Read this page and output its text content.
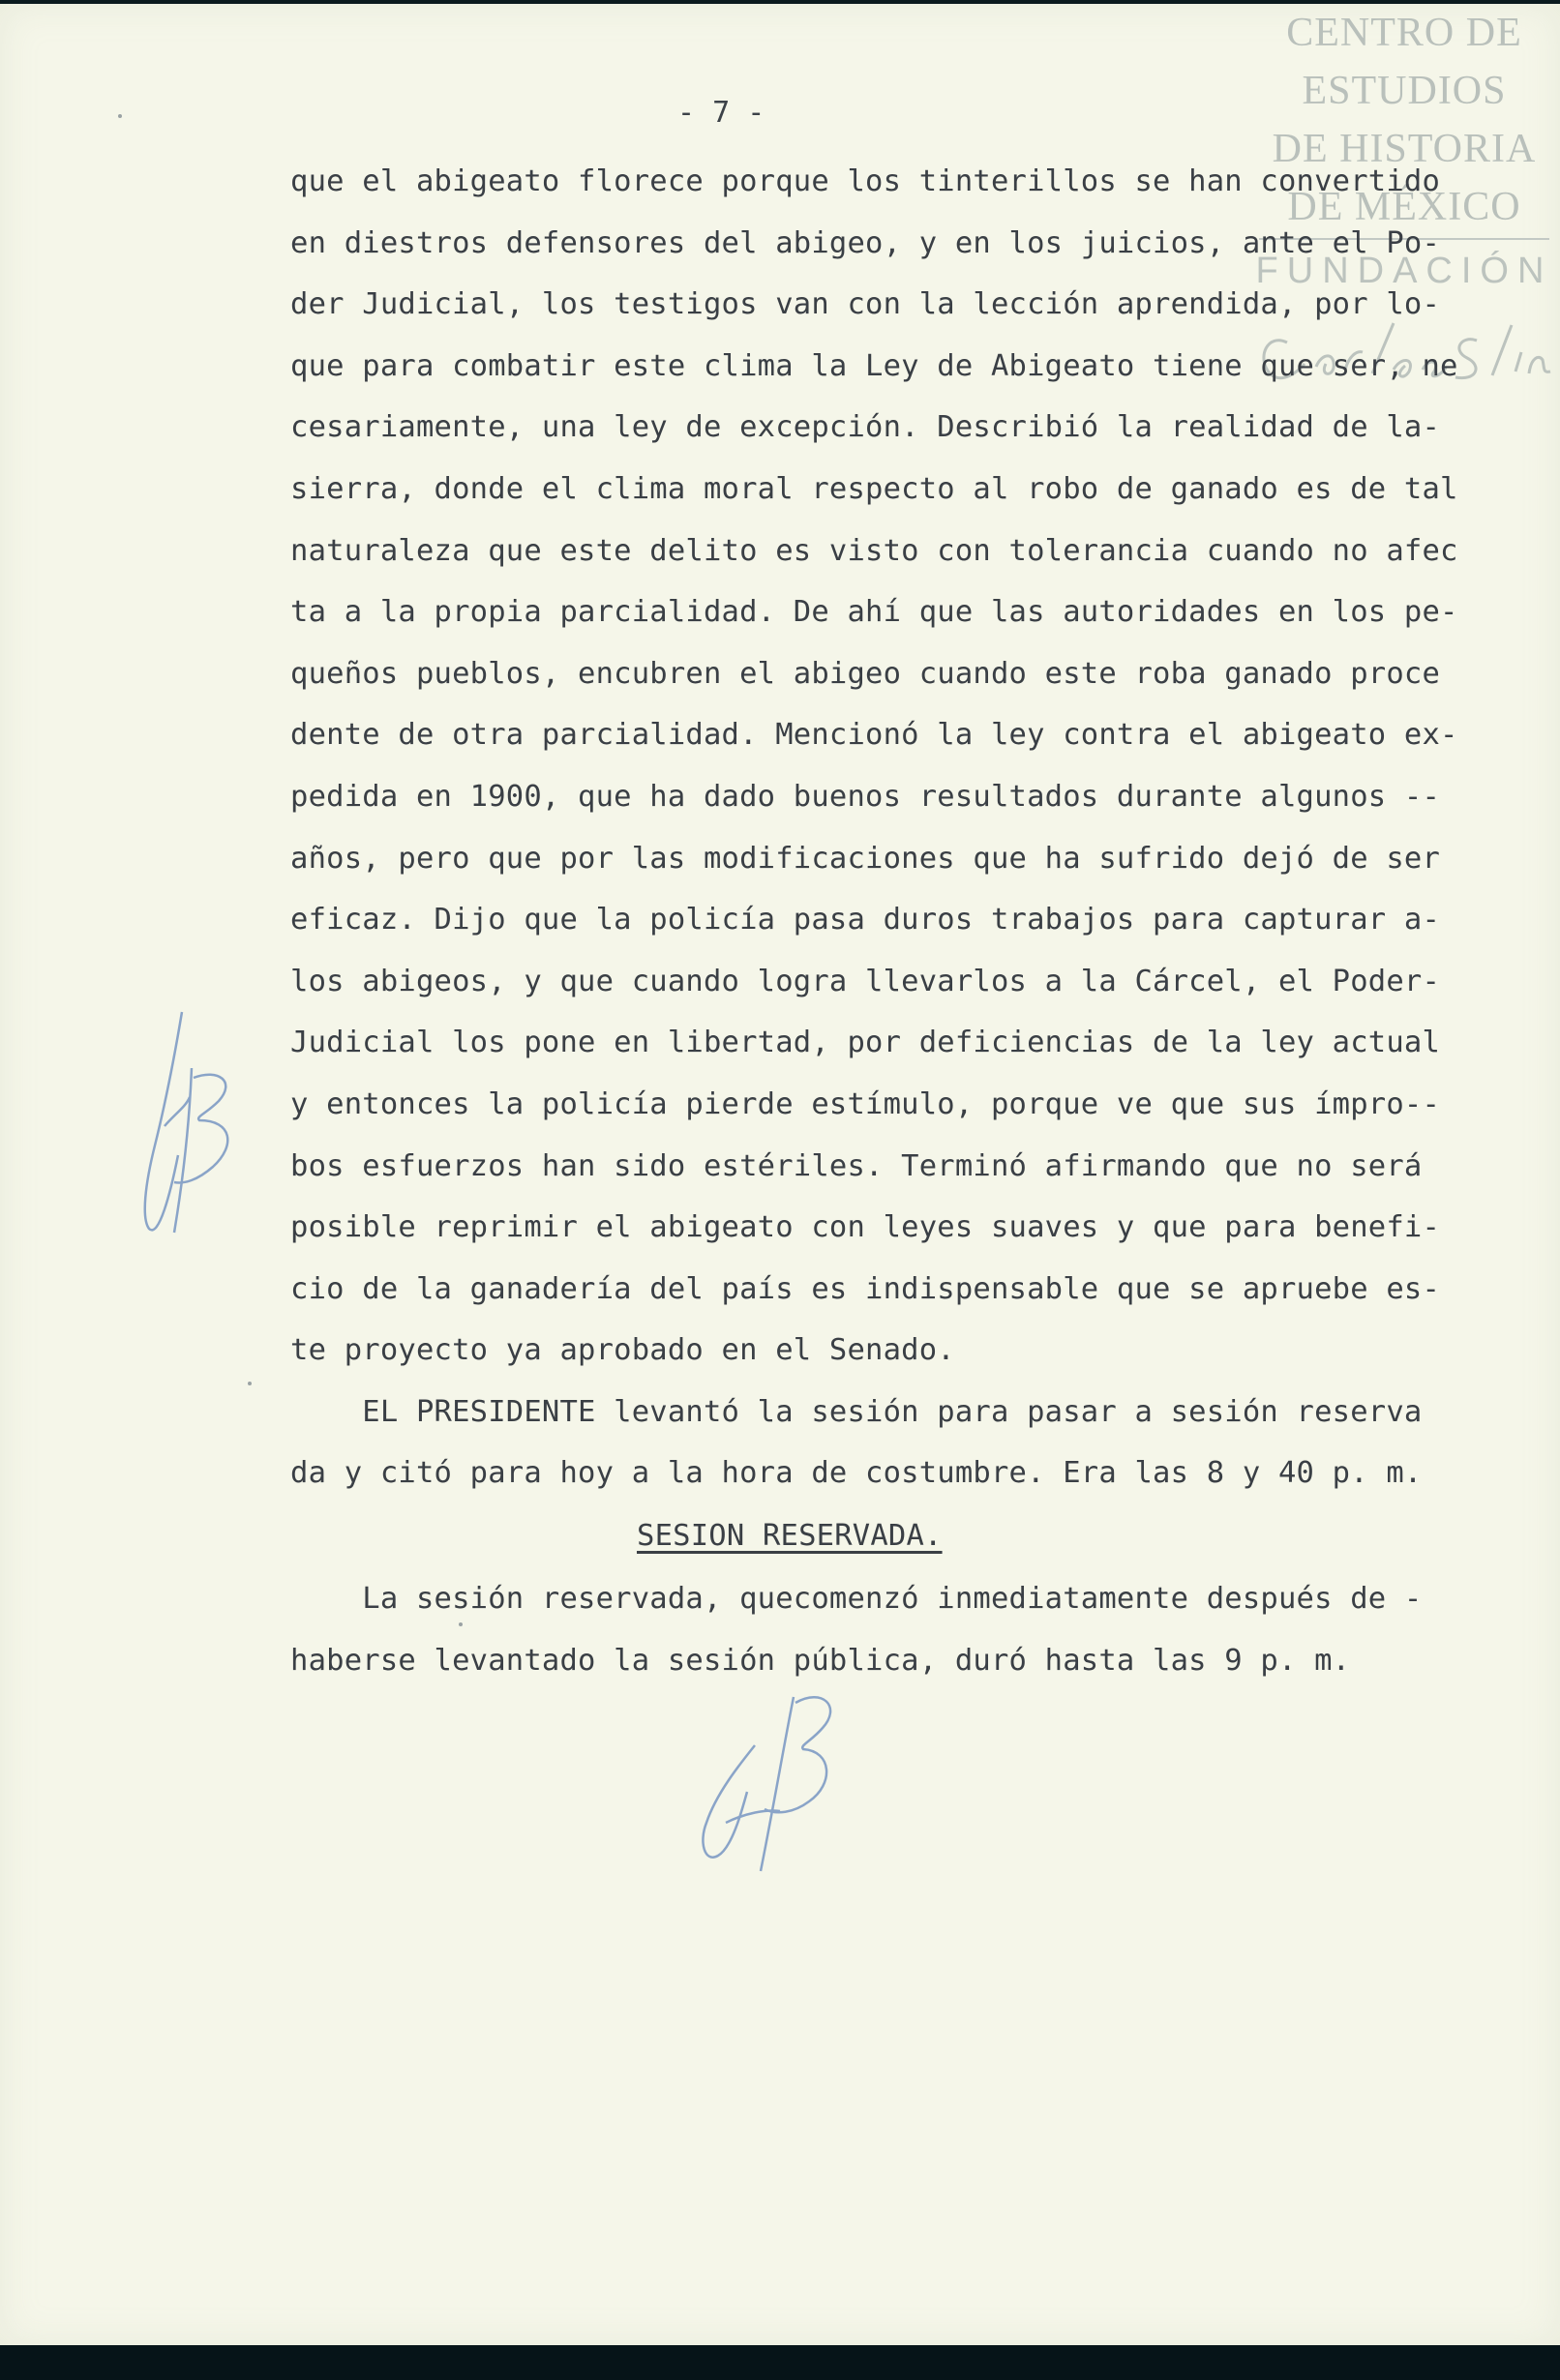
- 7 -
CENTRO DE
ESTUDIOS
DE HISTORIA
DE MÉXICO
FUNDACIÓN
que el abigeato florece porque los tinterillos se han convertido
en diestros defensores del abigeo, y en los juicios, ante el Po-
der Judicial, los testigos van con la lección aprendida, por lo-
que para combatir este clima la Ley de Abigeato tiene que ser, ne
cesariamente, una ley de excepción. Describió la realidad de la-
sierra, donde el clima moral respecto al robo de ganado es de tal
naturaleza que este delito es visto con tolerancia cuando no afec
ta a la propia parcialidad. De ahí que las autoridades en los pe-
queños pueblos, encubren el abigeo cuando este roba ganado proce
dente de otra parcialidad. Mencionó la ley contra el abigeato ex-
pedida en 1900, que ha dado buenos resultados durante algunos --
años, pero que por las modificaciones que ha sufrido dejó de ser
eficaz. Dijo que la policía pasa duros trabajos para capturar a-
los abigeos, y que cuando logra llevarlos a la Cárcel, el Poder-
Judicial los pone en libertad, por deficiencias de la ley actual
y entonces la policía pierde estímulo, porque ve que sus ímpro--
bos esfuerzos han sido estériles. Terminó afirmando que no será
posible reprimir el abigeato con leyes suaves y que para benefi-
cio de la ganadería del país es indispensable que se apruebe es-
te proyecto ya aprobado en el Senado.
EL PRESIDENTE levantó la sesión para pasar a sesión reserva
da y citó para hoy a la hora de costumbre. Era las 8 y 40 p. m.
SESION RESERVADA.
La sesión reservada, quecomenzó inmediatamente después de -
haberse levantado la sesión pública, duró hasta las 9 p. m.
